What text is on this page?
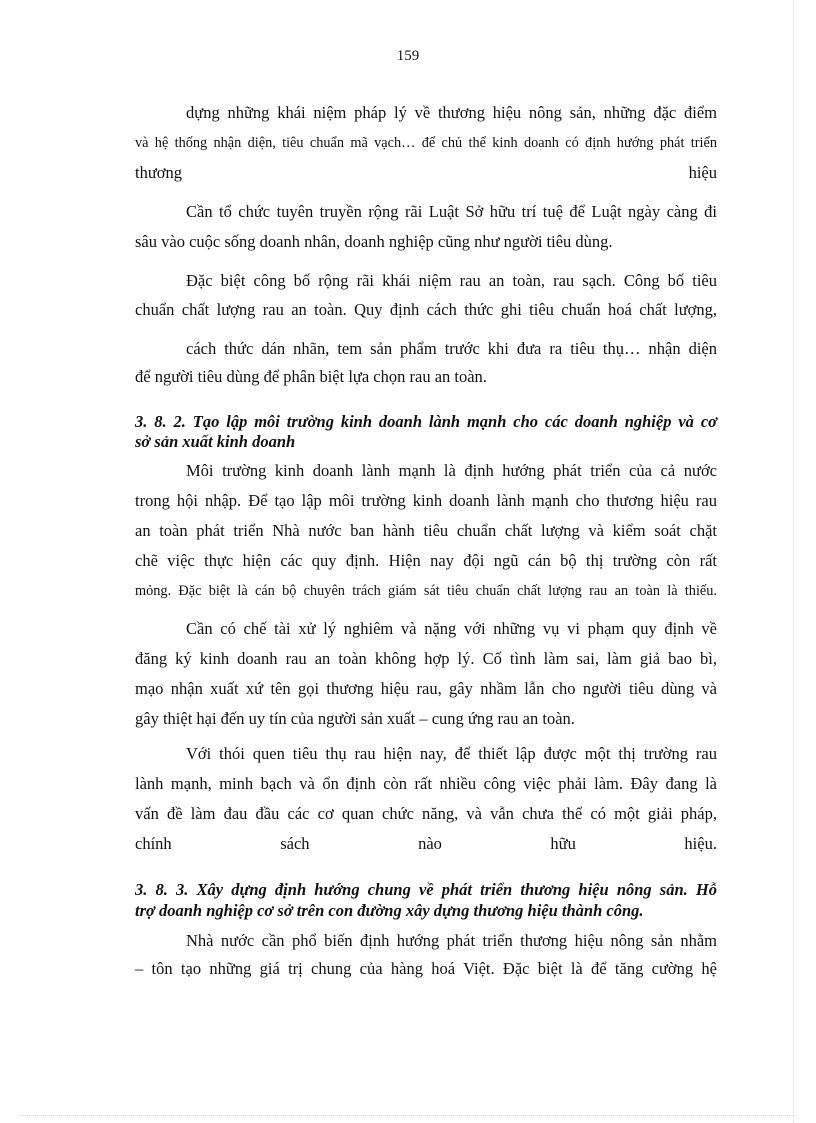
159
dựng những khái niệm pháp lý về thương hiệu nông sản, những đặc điểm
và hệ thống nhận diện, tiêu chuẩn mã vạch… để chủ thể kinh doanh có định hướng phát triển
thương	hiệu
Cần tổ chức tuyên truyền rộng rãi Luật Sở hữu trí tuệ để Luật ngày càng đi
sâu vào cuộc sống doanh nhân, doanh nghiệp cũng như người tiêu dùng.
Đặc biệt công bố rộng rãi khái niệm rau an toàn, rau sạch. Công bố tiêu
chuẩn chất lượng rau an toàn. Quy định cách thức ghi tiêu chuẩn hoá chất lượng,
cách thức dán nhãn, tem sản phẩm trước khi đưa ra tiêu thụ… nhận diện
để người tiêu dùng để phân biệt lựa chọn rau an toàn.
3. 8. 2. Tạo lập môi trường kinh doanh lành mạnh cho các doanh nghiệp và cơ
sở sản xuất kinh doanh
Môi trường kinh doanh lành mạnh là định hướng phát triển của cả nước
trong hội nhập. Để tạo lập môi trường kinh doanh lành mạnh cho thương hiệu rau
an toàn phát triển Nhà nước ban hành tiêu chuẩn chất lượng và kiểm soát chặt
chẽ việc thực hiện các quy định. Hiện nay đội ngũ cán bộ thị trường còn rất
mỏng. Đặc biệt là cán bộ chuyên trách giám sát tiêu chuẩn chất lượng rau an toàn là thiếu.
Cần có chế tài xử lý nghiêm và nặng với những vụ vi phạm quy định về
đăng ký kinh doanh rau an toàn không hợp lý. Cố tình làm sai, làm giả bao bì,
mạo nhận xuất xứ tên gọi thương hiệu rau, gây nhầm lẫn cho người tiêu dùng và
gây thiệt hại đến uy tín của người sản xuất – cung ứng rau an toàn.
Với thói quen tiêu thụ rau hiện nay, để thiết lập được một thị trường rau
lành mạnh, minh bạch và ổn định còn rất nhiều công việc phải làm. Đây đang là
vấn đề làm đau đầu các cơ quan chức năng, và vẫn chưa thể có một giải pháp,
chính	sách	nào	hữu	hiệu.
3. 8. 3. Xây dựng định hướng chung về phát triển thương hiệu nông sản. Hỗ
trợ doanh nghiệp cơ sở trên con đường xây dựng thương hiệu thành công.
Nhà nước cần phổ biến định hướng phát triển thương hiệu nông sản nhằm
– tôn tạo những giá trị chung của hàng hoá Việt. Đặc biệt là để tăng cường hệ
